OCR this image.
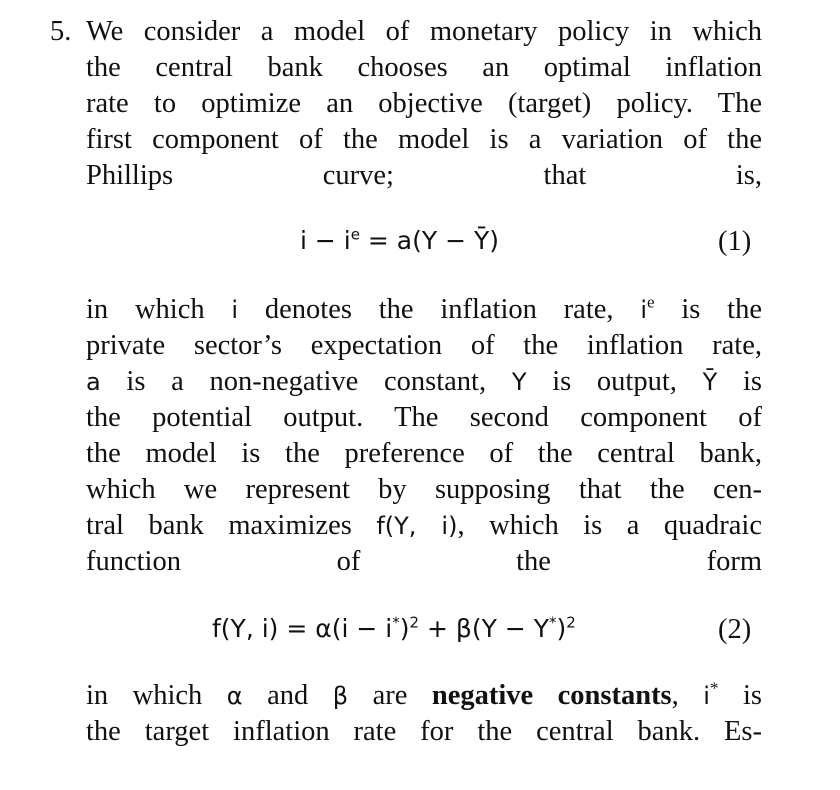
5. We consider a model of monetary policy in which
the central bank chooses an optimal inflation
rate to optimize an objective (target) policy. The
first component of the model is a variation of the
Phillips curve; that is,
$i - i^e = a(Y$ − Ȳ)	(1)
in which i denotes the inflation rate, $i^e$ is the
private sector’s expectation of the inflation rate,
a is a non-negative constant, Y is output, Ȳ is
the potential output. The second component of
the model is the preference of the central bank,
which we represent by supposing that the cen-
tral bank maximizes f(Y, i), which is a quadraic
function of the form
f(Y, $i) = \alpha(i - i^*)^2 + \beta(Y - Y^*)^2$	(2)
in which α and β are negative constants, i* is
the target inflation rate for the central bank. Es-
